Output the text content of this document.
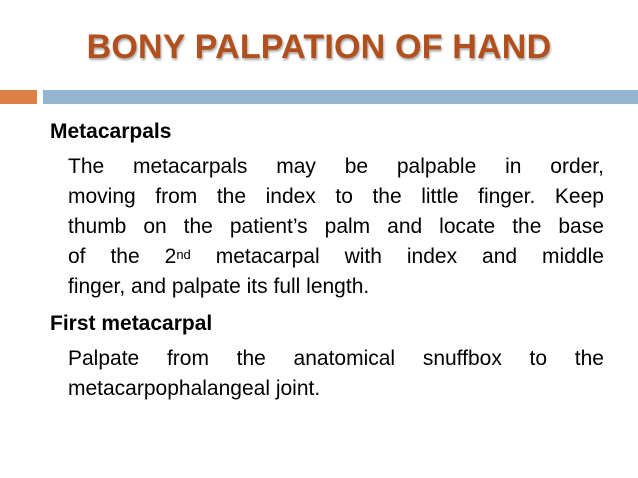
BONY PALPATION OF HAND
Metacarpals
The metacarpals may be palpable in order,
moving from the index to the little finger. Keep
thumb on the patient’s palm and locate the base
of the 2nd metacarpal with index and middle
finger, and palpate its full length.
First metacarpal
Palpate from the anatomical snuffbox to the
metacarpophalangeal joint.
